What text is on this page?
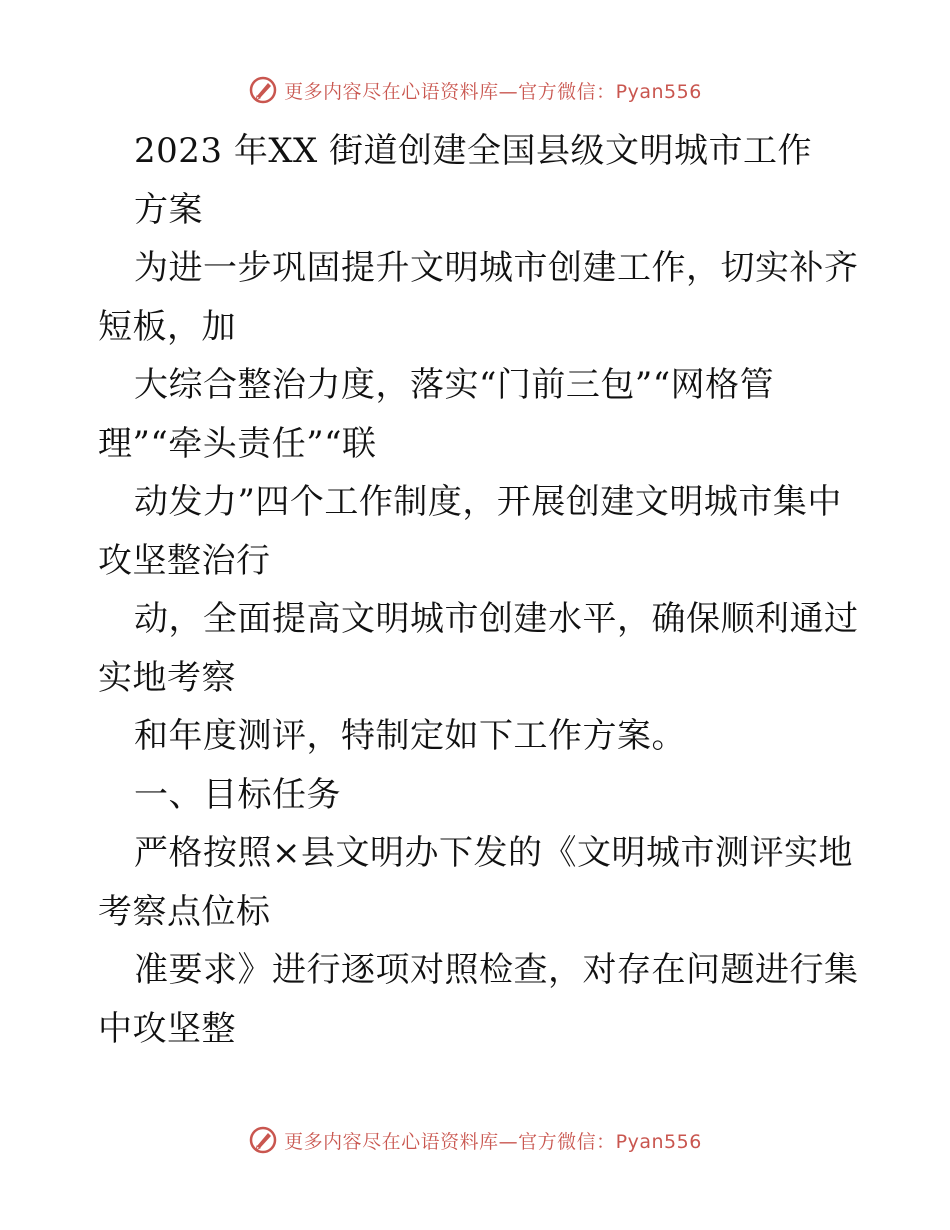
更多内容尽在心语资料库—官方微信：Pyan556
2023 年XX 街道创建全国县级文明城市工作
方案
为进一步巩固提升文明城市创建工作，切实补齐
短板，加
大综合整治力度，落实“门前三包”“网格管
理”“牵头责任”“联
动发力”四个工作制度，开展创建文明城市集中
攻坚整治行
动，全面提高文明城市创建水平，确保顺利通过
实地考察
和年度测评，特制定如下工作方案。
一、目标任务
严格按照×县文明办下发的《文明城市测评实地
考察点位标
准要求》进行逐项对照检查，对存在问题进行集
中攻坚整
更多内容尽在心语资料库—官方微信：Pyan556
